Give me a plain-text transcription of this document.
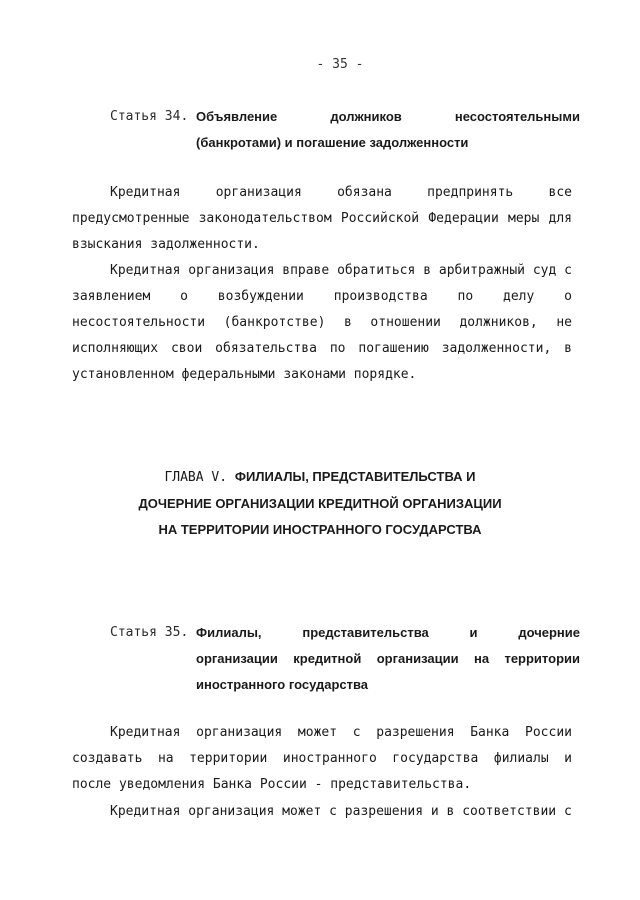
- 35 -
Статья 34. Объявление должников несостоятельными
(банкротами) и погашение задолженности

Кредитная организация обязана предпринять все предусмотренные законодательством Российской Федерации меры для взыскания задолженности.

Кредитная организация вправе обратиться в арбитражный суд с заявлением о возбуждении производства по делу о несостоятельности (банкротстве) в отношении должников, не исполняющих свои обязательства по погашению задолженности, в установленном федеральными законами порядке.

ГЛАВА V. ФИЛИАЛЫ, ПРЕДСТАВИТЕЛЬСТВА И
ДОЧЕРНИЕ ОРГАНИЗАЦИИ КРЕДИТНОЙ ОРГАНИЗАЦИИ
НА ТЕРРИТОРИИ ИНОСТРАННОГО ГОСУДАРСТВА
Статья 35. Филиалы, представительства и дочерние
организации кредитной организации на территории
иностранного государства

Кредитная организация может с разрешения Банка России создавать на территории иностранного государства филиалы и после уведомления Банка России - представительства.

Кредитная организация может с разрешения и в соответствии с
